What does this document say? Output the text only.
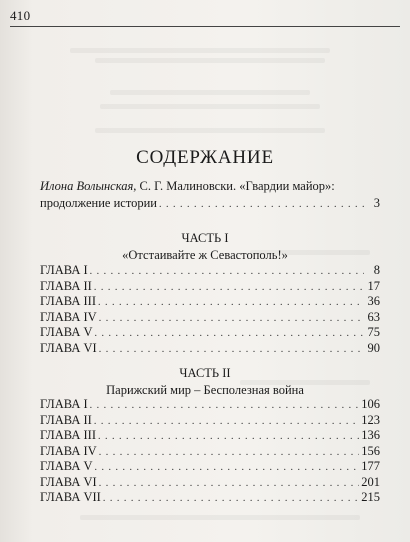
410
СОДЕРЖАНИЕ
Илона Волынская, С. Г. Малиновски. «Гвардии майор»:
продолжение истории . . .	3
ЧАСТЬ I
«Отстаивайте ж Севастополь!»
ГЛАВА I . . .	8
ГЛАВА II . . .	17
ГЛАВА III . . .	36
ГЛАВА IV . . .	63
ГЛАВА V . . .	75
ГЛАВА VI . . .	90
ЧАСТЬ II
Парижский мир – Бесполезная война
ГЛАВА I . . .	106
ГЛАВА II . . .	123
ГЛАВА III . . .	136
ГЛАВА IV . . .	156
ГЛАВА V . . .	177
ГЛАВА VI . . .	201
ГЛАВА VII . . .	215
